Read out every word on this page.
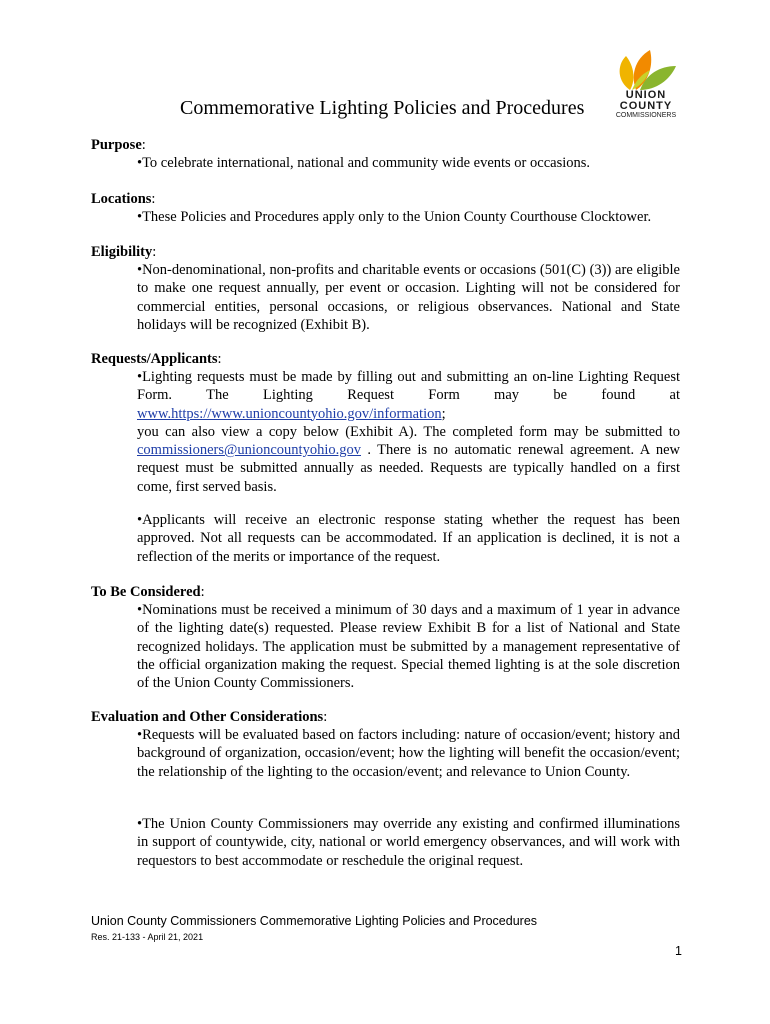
UNION
COUNTY
COMMISSIONERS
Commemorative Lighting Policies and Procedures
Purpose:
•To celebrate international, national and community wide events or occasions.
Locations:
•These Policies and Procedures apply only to the Union County Courthouse Clocktower.
Eligibility:
•Non-denominational, non-profits and charitable events or occasions (501(C) (3)) are eligible to make one request annually, per event or occasion. Lighting will not be considered for commercial entities, personal occasions, or religious observances. National and State holidays will be recognized (Exhibit B).
Requests/Applicants:
•Lighting requests must be made by filling out and submitting an on-line Lighting Request Form. The Lighting Request Form may be found at www.https://www.unioncountyohio.gov/information;
you can also view a copy below (Exhibit A). The completed form may be submitted to commissioners@unioncountyohio.gov . There is no automatic renewal agreement. A new request must be submitted annually as needed. Requests are typically handled on a first come, first served basis.
•Applicants will receive an electronic response stating whether the request has been approved. Not all requests can be accommodated. If an application is declined, it is not a reflection of the merits or importance of the request.
To Be Considered:
•Nominations must be received a minimum of 30 days and a maximum of 1 year in advance of the lighting date(s) requested. Please review Exhibit B for a list of National and State recognized holidays. The application must be submitted by a management representative of the official organization making the request. Special themed lighting is at the sole discretion of the Union County Commissioners.
Evaluation and Other Considerations:
•Requests will be evaluated based on factors including: nature of occasion/event; history and background of organization, occasion/event; how the lighting will benefit the occasion/event; the relationship of the lighting to the occasion/event; and relevance to Union County.
•The Union County Commissioners may override any existing and confirmed illuminations in support of countywide, city, national or world emergency observances, and will work with requestors to best accommodate or reschedule the original request.
Union County Commissioners Commemorative Lighting Policies and Procedures
Res. 21-133 - April 21, 2021
1
